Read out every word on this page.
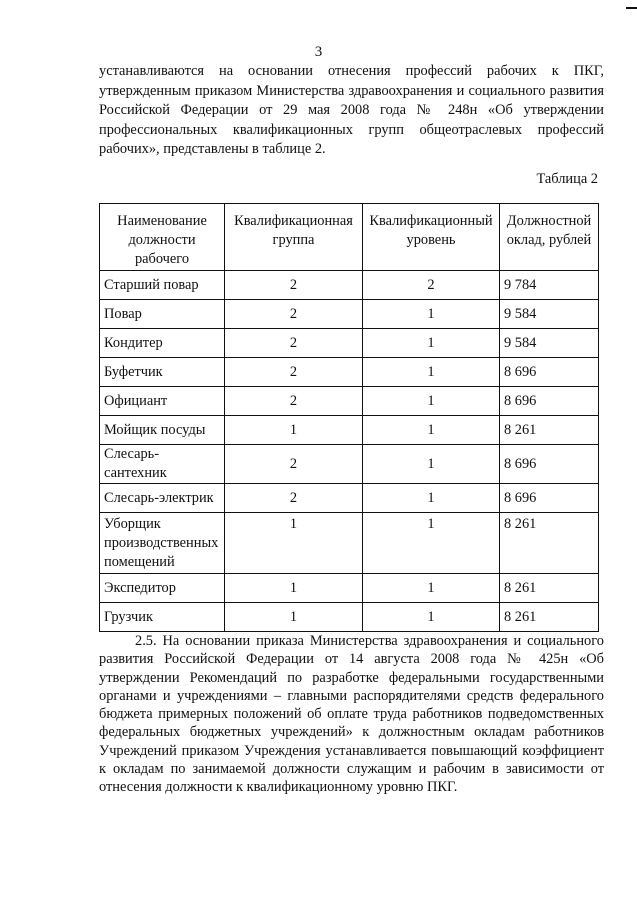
3

устанавливаются на основании отнесения профессий рабочих к ПКГ, утвержденным приказом Министерства здравоохранения и социального развития Российской Федерации от 29 мая 2008 года № 248н «Об утверждении профессиональных квалификационных групп общеотраслевых профессий рабочих», представлены в таблице 2.

Таблица 2
Наименование должности рабочего	Квалификационная группа	Квалификационный уровень	Должностной оклад, рублей
Старший повар	2	2	9 784
Повар	2	1	9 584
Кондитер	2	1	9 584
Буфетчик	2	1	8 696
Официант	2	1	8 696
Мойщик посуды	1	1	8 261
Слесарь-сантехник	2	1	8 696
Слесарь-электрик	2	1	8 696
Уборщик производственных помещений	1	1	8 261
Экспедитор	1	1	8 261
Грузчик	1	1	8 261

2.5. На основании приказа Министерства здравоохранения и социального развития Российской Федерации от 14 августа 2008 года № 425н «Об утверждении Рекомендаций по разработке федеральными государственными органами и учреждениями – главными распорядителями средств федерального бюджета примерных положений об оплате труда работников подведомственных федеральных бюджетных учреждений» к должностным окладам работников Учреждений приказом Учреждения устанавливается повышающий коэффициент к окладам по занимаемой должности служащим и рабочим в зависимости от отнесения должности к квалификационному уровню ПКГ.
